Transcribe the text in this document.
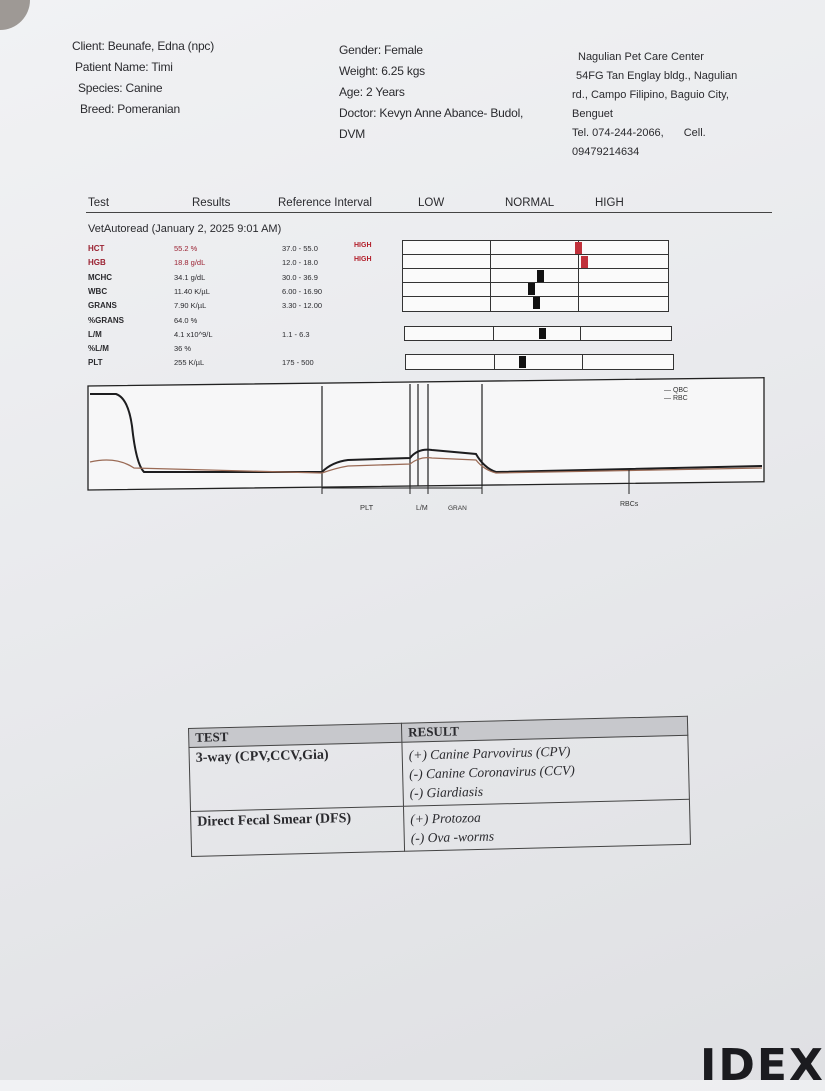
Client: Beunafe, Edna (npc)
Patient Name: Timi
Species: Canine
Breed: Pomeranian
Gender: Female
Weight: 6.25 kgs
Age: 2 Years
Doctor: Kevyn Anne Abance- Budol,
DVM
Nagulian Pet Care Center
54FG Tan Englay bldg., Nagulian
rd., Campo Filipino, Baguio City,
Benguet
Tel. 074-244-2066, Cell.
09479214634
Test	Results	Reference Interval	LOW	NORMAL	HIGH
VetAutoread (January 2, 2025 9:01 AM)
HCT	55.2 %	37.0 - 55.0	HIGH
HGB	18.8 g/dL	12.0 - 18.0	HIGH
MCHC	34.1 g/dL	30.0 - 36.9
WBC	11.40 K/µL	6.00 - 16.90
GRANS	7.90 K/µL	3.30 - 12.00
%GRANS	64.0 %
L/M	4.1 x10^9/L	1.1 - 6.3
%L/M	36 %
PLT	255 K/µL	175 - 500
— QBC
— RBC
PLT	L/M	GRAN
RBCs
TEST	RESULT
3-way (CPV,CCV,Gia)	(+) Canine Parvovirus (CPV)
(-) Canine Coronavirus (CCV)
(-) Giardiasis

Direct Fecal Smear (DFS)	(+) Protozoa
(-) Ova -worms
IDEX
